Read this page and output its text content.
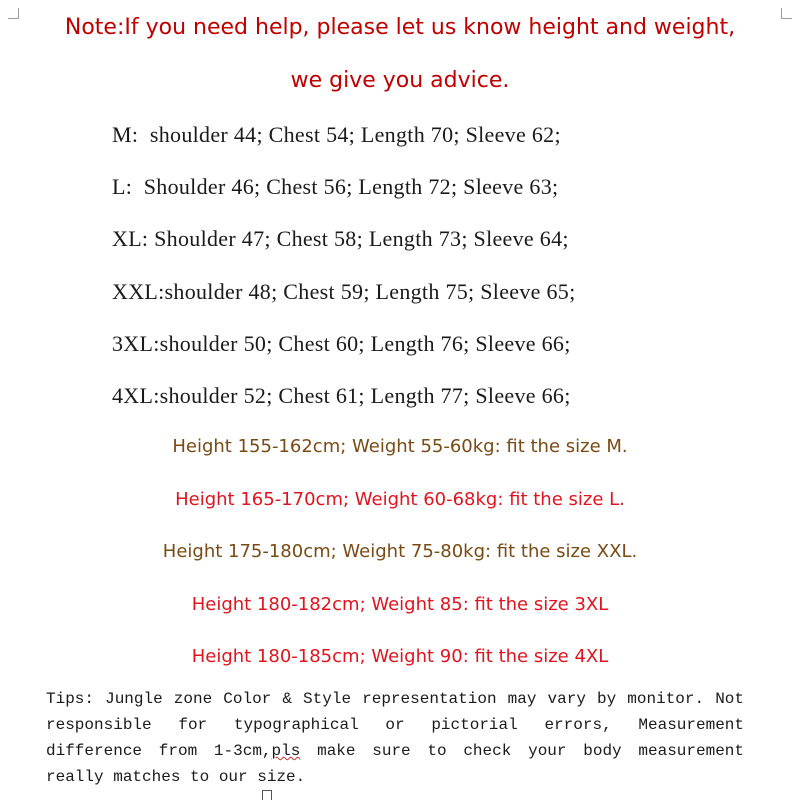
Note:If you need help, please let us know height and weight,
we give you advice.
M:  shoulder 44; Chest 54; Length 70; Sleeve 62;
L:  Shoulder 46; Chest 56; Length 72; Sleeve 63;
XL: Shoulder 47; Chest 58; Length 73; Sleeve 64;
XXL:shoulder 48; Chest 59; Length 75; Sleeve 65;
3XL:shoulder 50; Chest 60; Length 76; Sleeve 66;
4XL:shoulder 52; Chest 61; Length 77; Sleeve 66;
Height 155-162cm; Weight 55-60kg: fit the size M.
Height 165-170cm; Weight 60-68kg: fit the size L.
Height 175-180cm; Weight 75-80kg: fit the size XXL.
Height 180-182cm; Weight 85: fit the size 3XL
Height 180-185cm; Weight 90: fit the size 4XL
Tips: Jungle zone Color & Style representation may vary by monitor. Not responsible for typographical or pictorial errors, Measurement difference from 1-3cm,pls make sure to check your body measurement really matches to our size.
